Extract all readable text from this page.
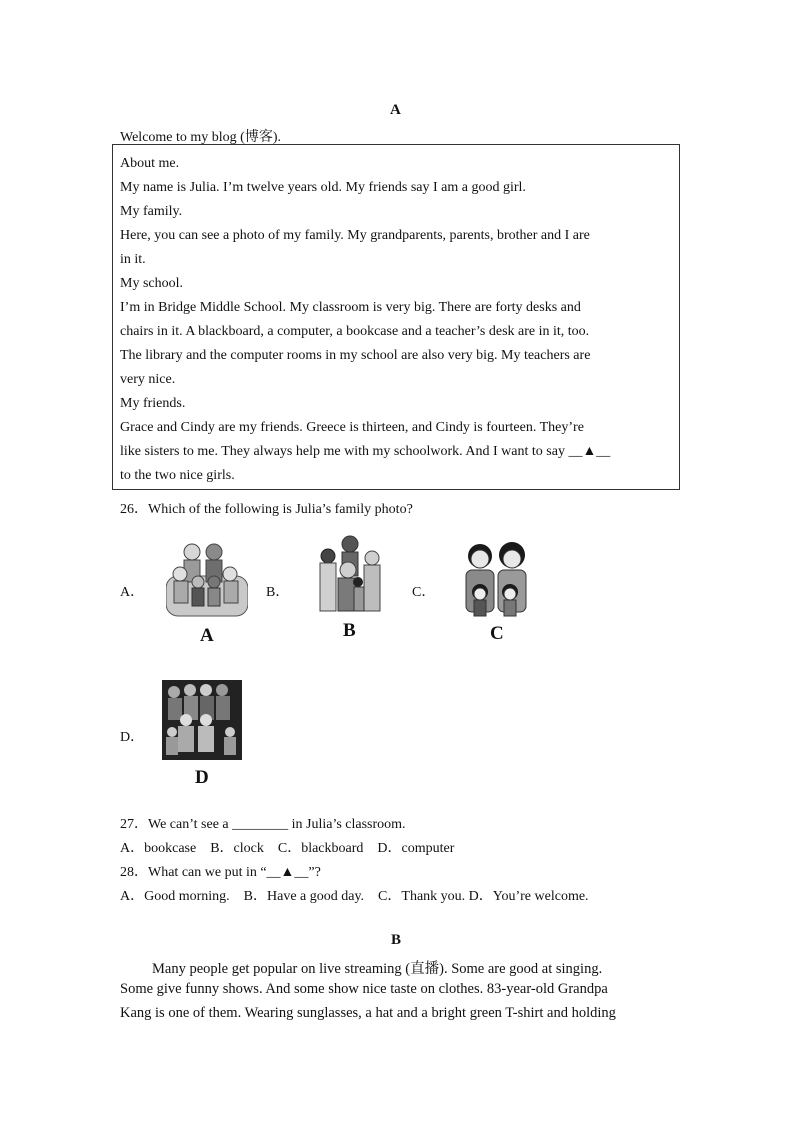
A
Welcome to my blog (博客).
About me.
My name is Julia. I’m twelve years old. My friends say I am a good girl.
My family.
Here, you can see a photo of my family. My grandparents, parents, brother and I are
in it.
My school.
I’m in Bridge Middle School. My classroom is very big. There are forty desks and
chairs in it. A blackboard, a computer, a bookcase and a teacher’s desk are in it, too.
The library and the computer rooms in my school are also very big. My teachers are
very nice.
My friends.
Grace and Cindy are my friends. Greece is thirteen, and Cindy is fourteen. They’re
like sisters to me. They always help me with my schoolwork. And I want to say __▲__
to the two nice girls.
26．Which of the following is Julia’s family photo?
A．
A
B．
B
C．
C
D．
D
27．We can’t see a ________ in Julia’s classroom.
A．bookcase    B．clock    C．blackboard    D．computer
28．What can we put in “__▲__”?
A．Good morning.    B．Have a good day.    C．Thank you. D．You’re welcome.
B
Many people get popular on live streaming (直播). Some are good at singing.
Some give funny shows. And some show nice taste on clothes. 83-year-old Grandpa
Kang is one of them. Wearing sunglasses, a hat and a bright green T-shirt and holding
